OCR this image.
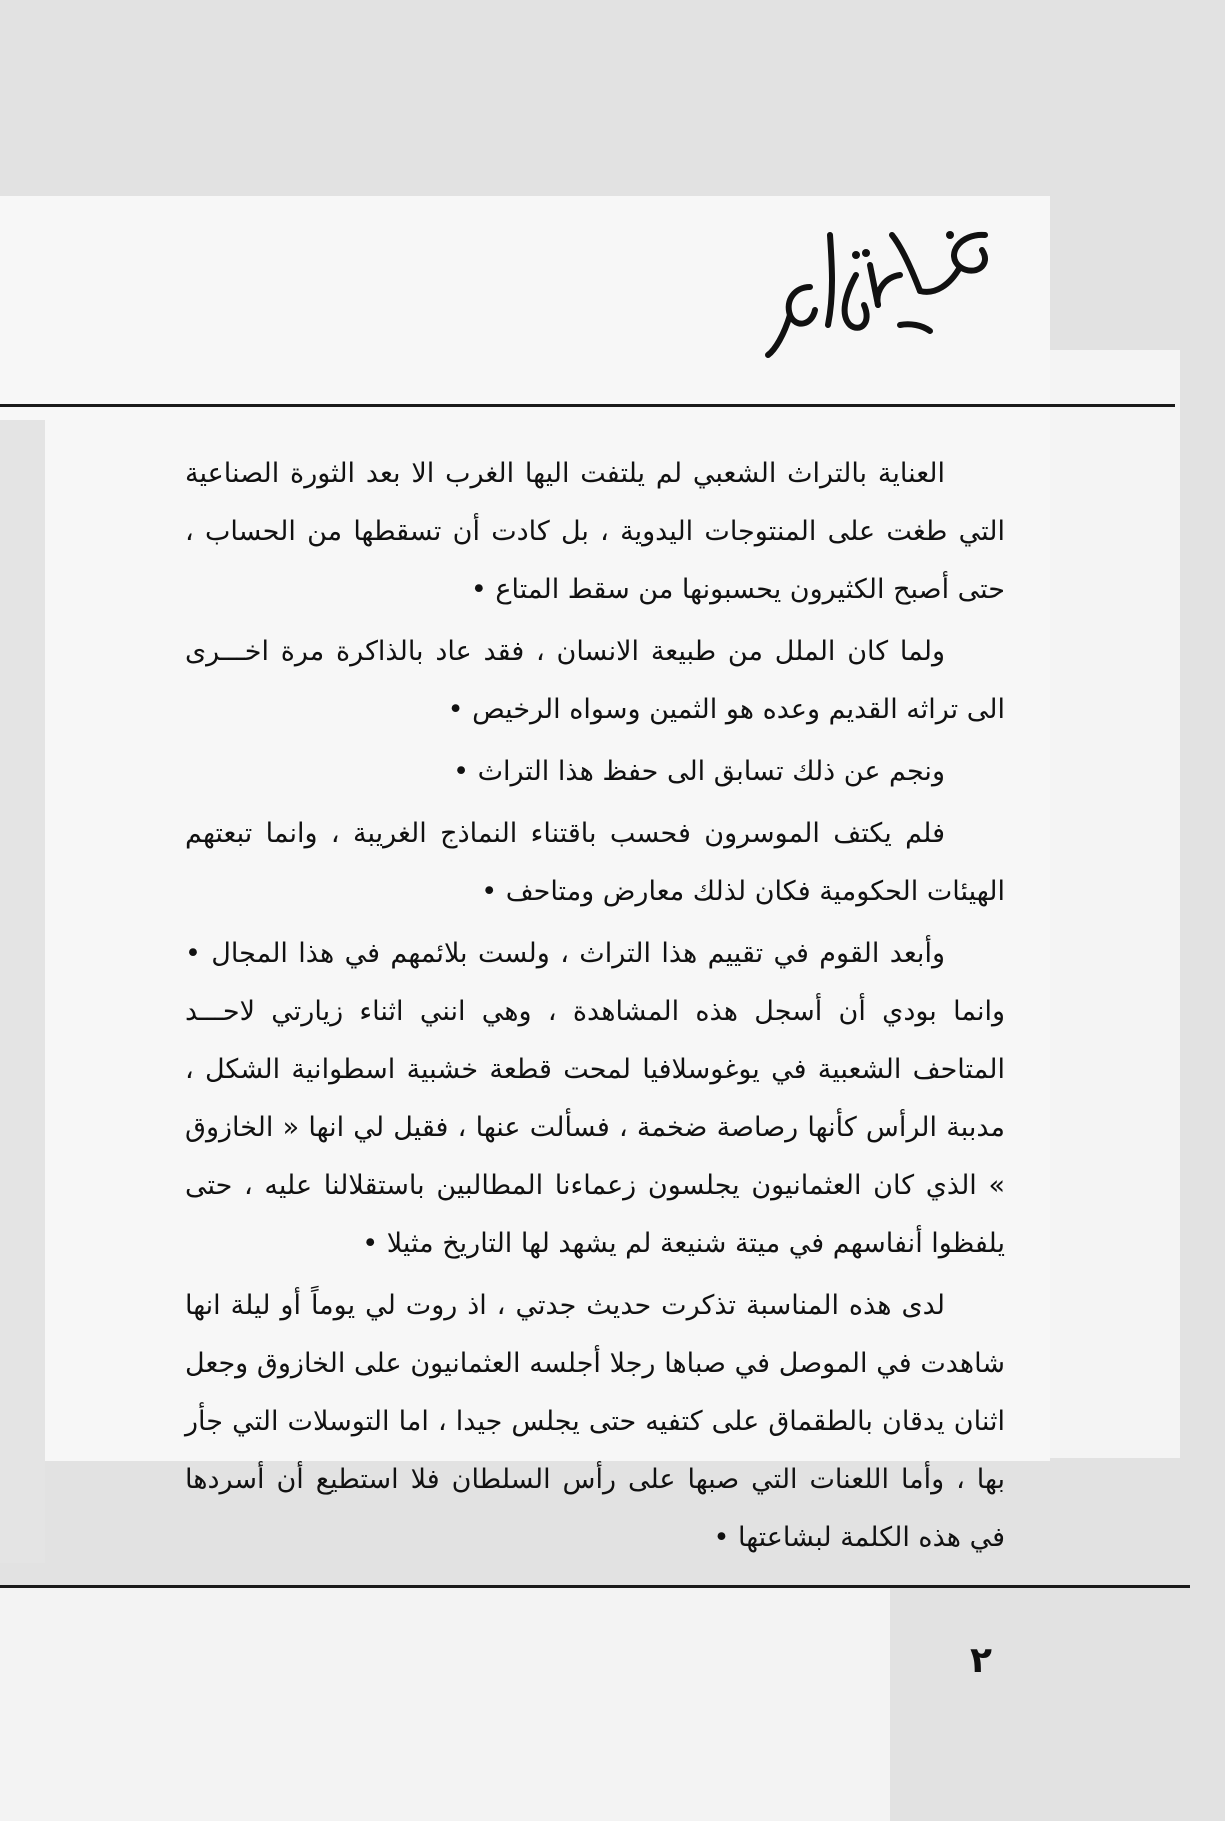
العناية بالتراث الشعبي لم يلتفت اليها الغرب الا بعد الثورة الصناعية التي طغت على المنتوجات اليدوية ، بل كادت أن تسقطها من الحساب ، حتى أصبح الكثيرون يحسبونها من سقط المتاع •

ولما كان الملل من طبيعة الانسان ، فقد عاد بالذاكرة مرة اخـــرى الى تراثه القديم وعده هو الثمين وسواه الرخيص •

ونجم عن ذلك تسابق الى حفظ هذا التراث •

فلم يكتف الموسرون فحسب باقتناء النماذج الغريبة ، وانما تبعتهم الهيئات الحكومية فكان لذلك معارض ومتاحف •

وأبعد القوم في تقييم هذا التراث ، ولست بلائمهم في هذا المجال • وانما بودي أن أسجل هذه المشاهدة ، وهي انني اثناء زيارتي لاحـــد المتاحف الشعبية في يوغوسلافيا لمحت قطعة خشبية اسطوانية الشكل ، مدببة الرأس كأنها رصاصة ضخمة ، فسألت عنها ، فقيل لي انها « الخازوق » الذي كان العثمانيون يجلسون زعماءنا المطالبين باستقلالنا عليه ، حتى يلفظوا أنفاسهم في ميتة شنيعة لم يشهد لها التاريخ مثيلا •

لدى هذه المناسبة تذكرت حديث جدتي ، اذ روت لي يوماً أو ليلة انها شاهدت في الموصل في صباها رجلا أجلسه العثمانيون على الخازوق وجعل اثنان يدقان بالطقماق على كتفيه حتى يجلس جيدا ، اما التوسلات التي جأر بها ، وأما اللعنات التي صبها على رأس السلطان فلا استطيع أن أسردها في هذه الكلمة لبشاعتها •

٢
